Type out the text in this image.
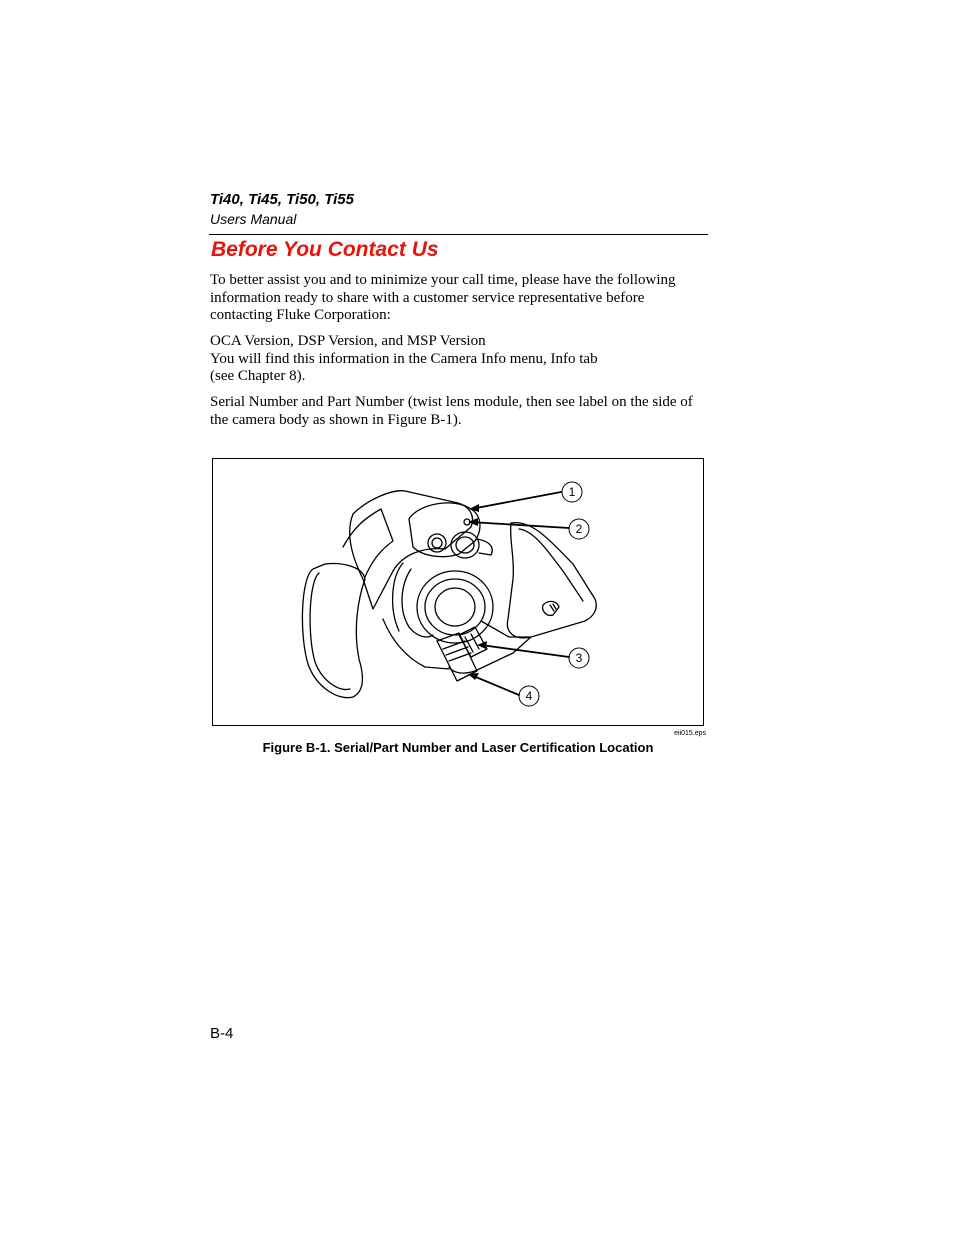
Ti40, Ti45, Ti50, Ti55
Users Manual
Before You Contact Us
To better assist you and to minimize your call time, please have the following information ready to share with a customer service representative before contacting Fluke Corporation:
OCA Version, DSP Version, and MSP Version
You will find this information in the Camera Info menu, Info tab
(see Chapter 8).
Serial Number and Part Number (twist lens module, then see label on the side of the camera body as shown in Figure B-1).
1
2
3
4
eii015.eps
Figure B-1. Serial/Part Number and Laser Certification Location
B-4
